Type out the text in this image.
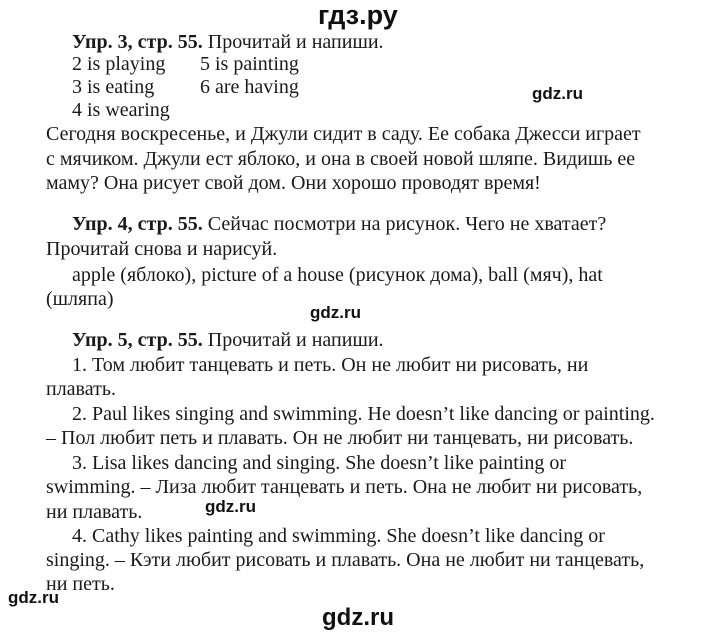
гдз.ру
Упр. 3, стр. 55. Прочитай и напиши.
2 is playing 5 is painting
3 is eating 6 are having
4 is wearing
gdz.ru
Сегодня воскресенье, и Джули сидит в саду. Ее собака Джесси играет
с мячиком. Джули ест яблоко, и она в своей новой шляпе. Видишь ее
маму? Она рисует свой дом. Они хорошо проводят время!
Упр. 4, стр. 55. Сейчас посмотри на рисунок. Чего не хватает?
Прочитай снова и нарисуй.
apple (яблоко), picture of a house (рисунок дома), ball (мяч), hat
(шляпа)
gdz.ru
Упр. 5, стр. 55. Прочитай и напиши.
1. Том любит танцевать и петь. Он не любит ни рисовать, ни
плавать.
2. Paul likes singing and swimming. He doesn’t like dancing or painting.
– Пол любит петь и плавать. Он не любит ни танцевать, ни рисовать.
3. Lisa likes dancing and singing. She doesn’t like painting or
swimming. – Лиза любит танцевать и петь. Она не любит ни рисовать,
ни плавать.	gdz.ru
4. Cathy likes painting and swimming. She doesn’t like dancing or
singing. – Кэти любит рисовать и плавать. Она не любит ни танцевать,
ни петь.
gdz.ru
gdz.ru
